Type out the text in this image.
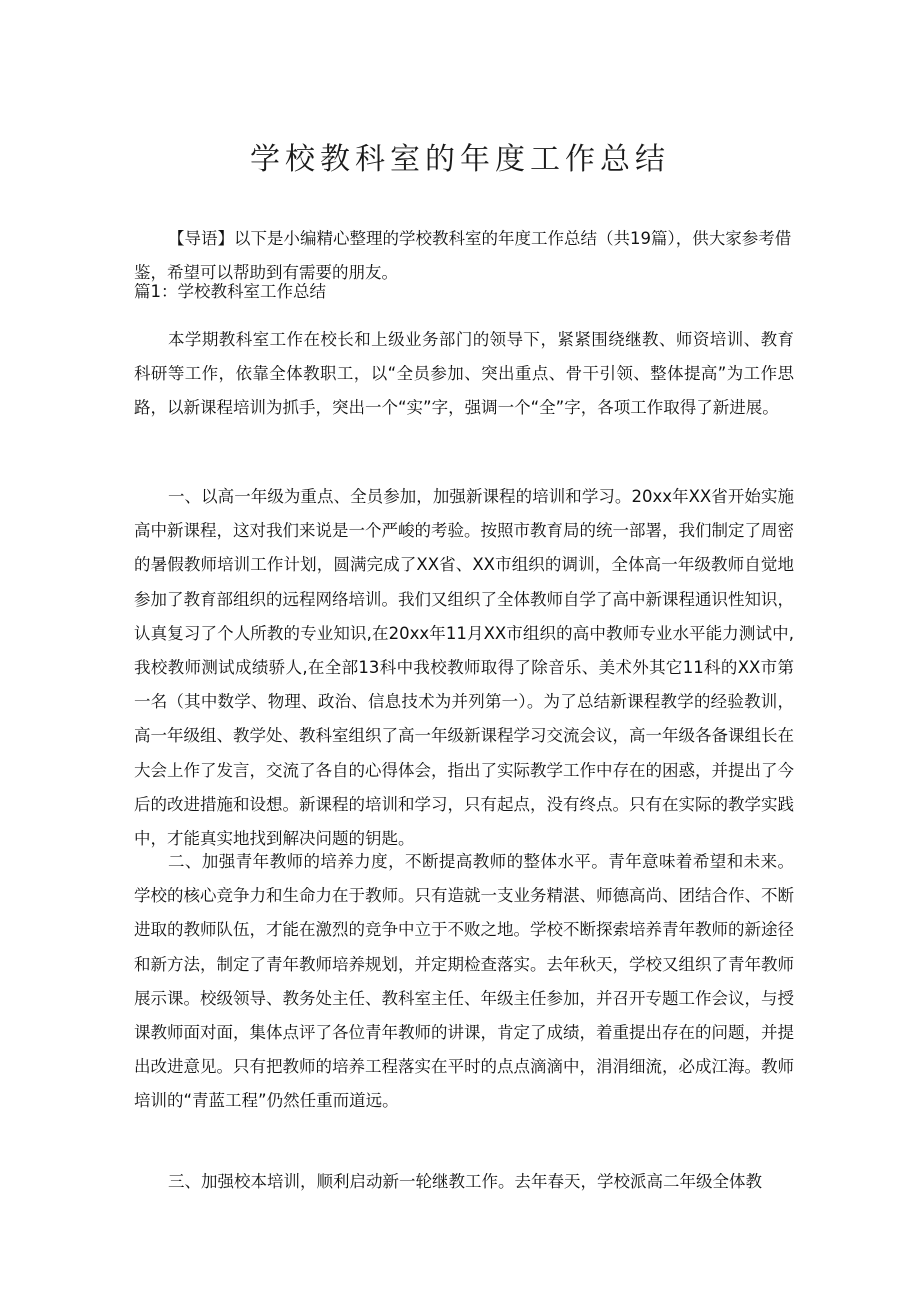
学校教科室的年度工作总结

【导语】以下是小编精心整理的学校教科室的年度工作总结（共19篇），供大家参考借鉴，希望可以帮助到有需要的朋友。

篇1：学校教科室工作总结

本学期教科室工作在校长和上级业务部门的领导下，紧紧围绕继教、师资培训、教育科研等工作，依靠全体教职工，以“全员参加、突出重点、骨干引领、整体提高”为工作思路，以新课程培训为抓手，突出一个“实”字，强调一个“全”字，各项工作取得了新进展。

一、以高一年级为重点、全员参加，加强新课程的培训和学习。20xx年XX省开始实施高中新课程，这对我们来说是一个严峻的考验。按照市教育局的统一部署，我们制定了周密的暑假教师培训工作计划，圆满完成了XX省、XX市组织的调训，全体高一年级教师自觉地参加了教育部组织的远程网络培训。我们又组织了全体教师自学了高中新课程通识性知识，认真复习了个人所教的专业知识,在20xx年11月XX市组织的高中教师专业水平能力测试中,我校教师测试成绩骄人,在全部13科中我校教师取得了除音乐、美术外其它11科的XX市第一名（其中数学、物理、政治、信息技术为并列第一）。为了总结新课程教学的经验教训，高一年级组、教学处、教科室组织了高一年级新课程学习交流会议，高一年级各备课组长在大会上作了发言，交流了各自的心得体会，指出了实际教学工作中存在的困惑，并提出了今后的改进措施和设想。新课程的培训和学习，只有起点，没有终点。只有在实际的教学实践中，才能真实地找到解决问题的钥匙。

二、加强青年教师的培养力度，不断提高教师的整体水平。青年意味着希望和未来。学校的核心竞争力和生命力在于教师。只有造就一支业务精湛、师德高尚、团结合作、不断进取的教师队伍，才能在激烈的竞争中立于不败之地。学校不断探索培养青年教师的新途径和新方法，制定了青年教师培养规划，并定期检查落实。去年秋天，学校又组织了青年教师展示课。校级领导、教务处主任、教科室主任、年级主任参加，并召开专题工作会议，与授课教师面对面，集体点评了各位青年教师的讲课，肯定了成绩，着重提出存在的问题，并提出改进意见。只有把教师的培养工程落实在平时的点点滴滴中，涓涓细流，必成江海。教师培训的“青蓝工程”仍然任重而道远。

三、加强校本培训，顺利启动新一轮继教工作。去年春天，学校派高二年级全体教
